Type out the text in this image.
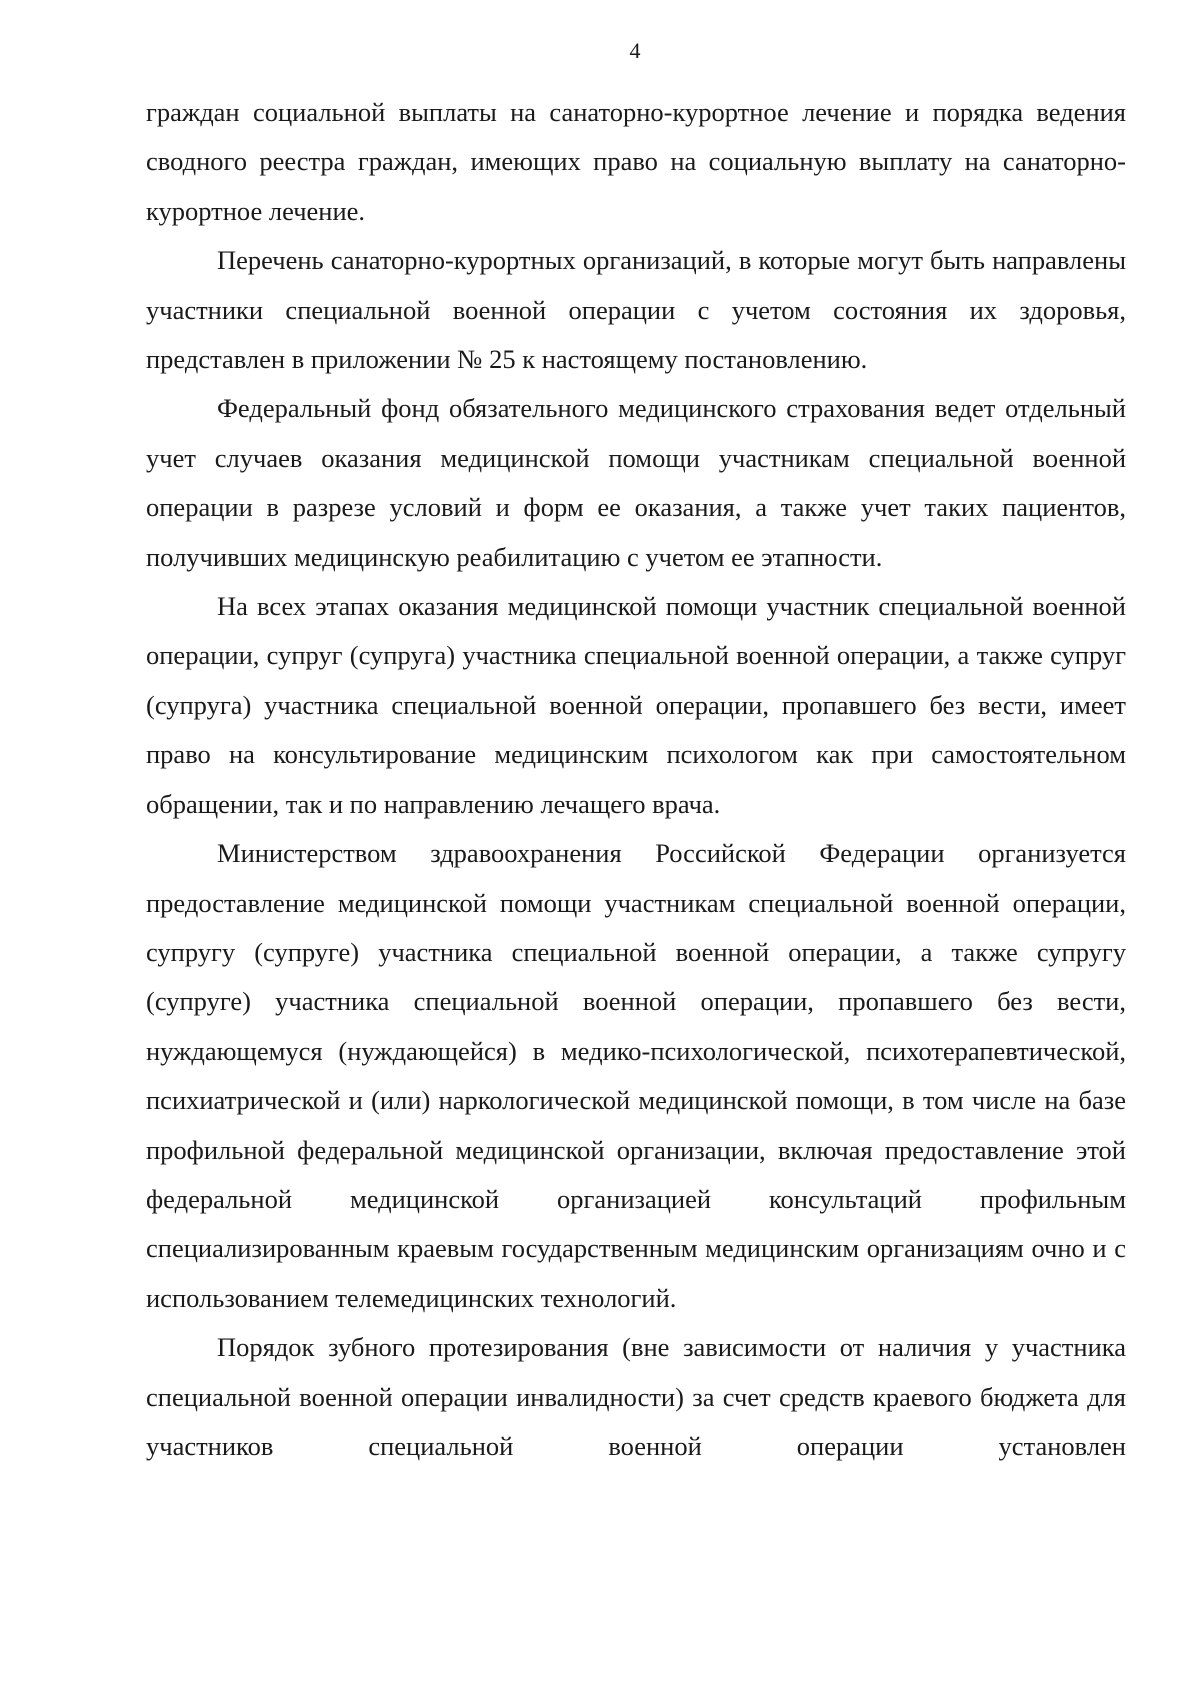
4

граждан социальной выплаты на санаторно-курортное лечение и порядка ведения сводного реестра граждан, имеющих право на социальную выплату на санаторно-курортное лечение.

Перечень санаторно-курортных организаций, в которые могут быть направлены участники специальной военной операции с учетом состояния их здоровья, представлен в приложении № 25 к настоящему постановлению.

Федеральный фонд обязательного медицинского страхования ведет отдельный учет случаев оказания медицинской помощи участникам специальной военной операции в разрезе условий и форм ее оказания, а также учет таких пациентов, получивших медицинскую реабилитацию с учетом ее этапности.

На всех этапах оказания медицинской помощи участник специальной военной операции, супруг (супруга) участника специальной военной операции, а также супруг (супруга) участника специальной военной операции, пропавшего без вести, имеет право на консультирование медицинским психологом как при самостоятельном обращении, так и по направлению лечащего врача.

Министерством здравоохранения Российской Федерации организуется предоставление медицинской помощи участникам специальной военной операции, супругу (супруге) участника специальной военной операции, а также супругу (супруге) участника специальной военной операции, пропавшего без вести, нуждающемуся (нуждающейся) в медико-психологической, психотерапевтической, психиатрической и (или) наркологической медицинской помощи, в том числе на базе профильной федеральной медицинской организации, включая предоставление этой федеральной медицинской организацией консультаций профильным специализированным краевым государственным медицинским организациям очно и с использованием телемедицинских технологий.

Порядок зубного протезирования (вне зависимости от наличия у участника специальной военной операции инвалидности) за счет средств краевого бюджета для участников специальной военной операции установлен
